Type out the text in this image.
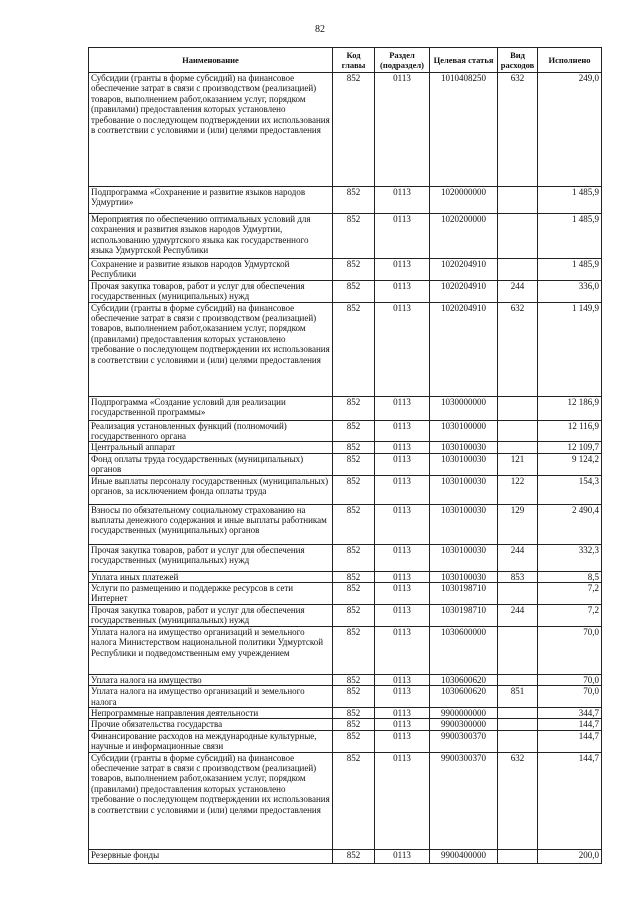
82
Наименование	Код главы	Раздел (подраздел)	Целевая статья	Вид расходов	Исполнено
Субсидии (гранты в форме субсидий) на финансовое обеспечение затрат в связи с производством (реализацией) товаров, выполнением работ,оказанием услуг, порядком (правилами) предоставления которых установлено требование о последующем подтверждении их использования в соответствии с условиями и (или) целями предоставления	852	0113	1010408250	632	249,0
Подпрограмма «Сохранение и развитие языков народов Удмуртии»	852	0113	1020000000		1 485,9
Мероприятия по обеспечению оптимальных условий для сохранения и развития языков народов Удмуртии, использованию удмуртского языка как государственного языка Удмуртской Республики	852	0113	1020200000		1 485,9
Сохранение и развитие языков народов Удмуртской Республики	852	0113	1020204910		1 485,9
Прочая закупка товаров, работ и услуг для обеспечения государственных (муниципальных) нужд	852	0113	1020204910	244	336,0
Субсидии (гранты в форме субсидий) на финансовое обеспечение затрат в связи с производством (реализацией) товаров, выполнением работ,оказанием услуг, порядком (правилами) предоставления которых установлено требование о последующем подтверждении их использования в соответствии с условиями и (или) целями предоставления	852	0113	1020204910	632	1 149,9
Подпрограмма «Создание условий для реализации государственной программы»	852	0113	1030000000		12 186,9
Реализация установленных функций (полномочий) государственного органа	852	0113	1030100000		12 116,9
Центральный аппарат	852	0113	1030100030		12 109,7
Фонд оплаты труда государственных (муниципальных) органов	852	0113	1030100030	121	9 124,2
Иные выплаты персоналу государственных (муниципальных) органов, за исключением фонда оплаты труда	852	0113	1030100030	122	154,3
Взносы по обязательному социальному страхованию на выплаты денежного содержания и иные выплаты работникам государственных (муниципальных) органов	852	0113	1030100030	129	2 490,4
Прочая закупка товаров, работ и услуг для обеспечения государственных (муниципальных) нужд	852	0113	1030100030	244	332,3
Уплата иных платежей	852	0113	1030100030	853	8,5
Услуги по размещению и поддержке ресурсов в сети Интернет	852	0113	1030198710		7,2
Прочая закупка товаров, работ и услуг для обеспечения государственных (муниципальных) нужд	852	0113	1030198710	244	7,2
Уплата налога на имущество организаций и земельного налога Министерством национальной политики Удмуртской Республики и подведомственным ему учреждением	852	0113	1030600000		70,0
Уплата налога на имущество	852	0113	1030600620		70,0
Уплата налога на имущество организаций и земельного налога	852	0113	1030600620	851	70,0
Непрограммные направления деятельности	852	0113	9900000000		344,7
Прочие обязательства государства	852	0113	9900300000		144,7
Финансирование расходов на международные культурные, научные и информационные связи	852	0113	9900300370		144,7
Субсидии (гранты в форме субсидий) на финансовое обеспечение затрат в связи с производством (реализацией) товаров, выполнением работ,оказанием услуг, порядком (правилами) предоставления которых установлено требование о последующем подтверждении их использования в соответствии с условиями и (или) целями предоставления	852	0113	9900300370	632	144,7
Резервные фонды	852	0113	9900400000		200,0
